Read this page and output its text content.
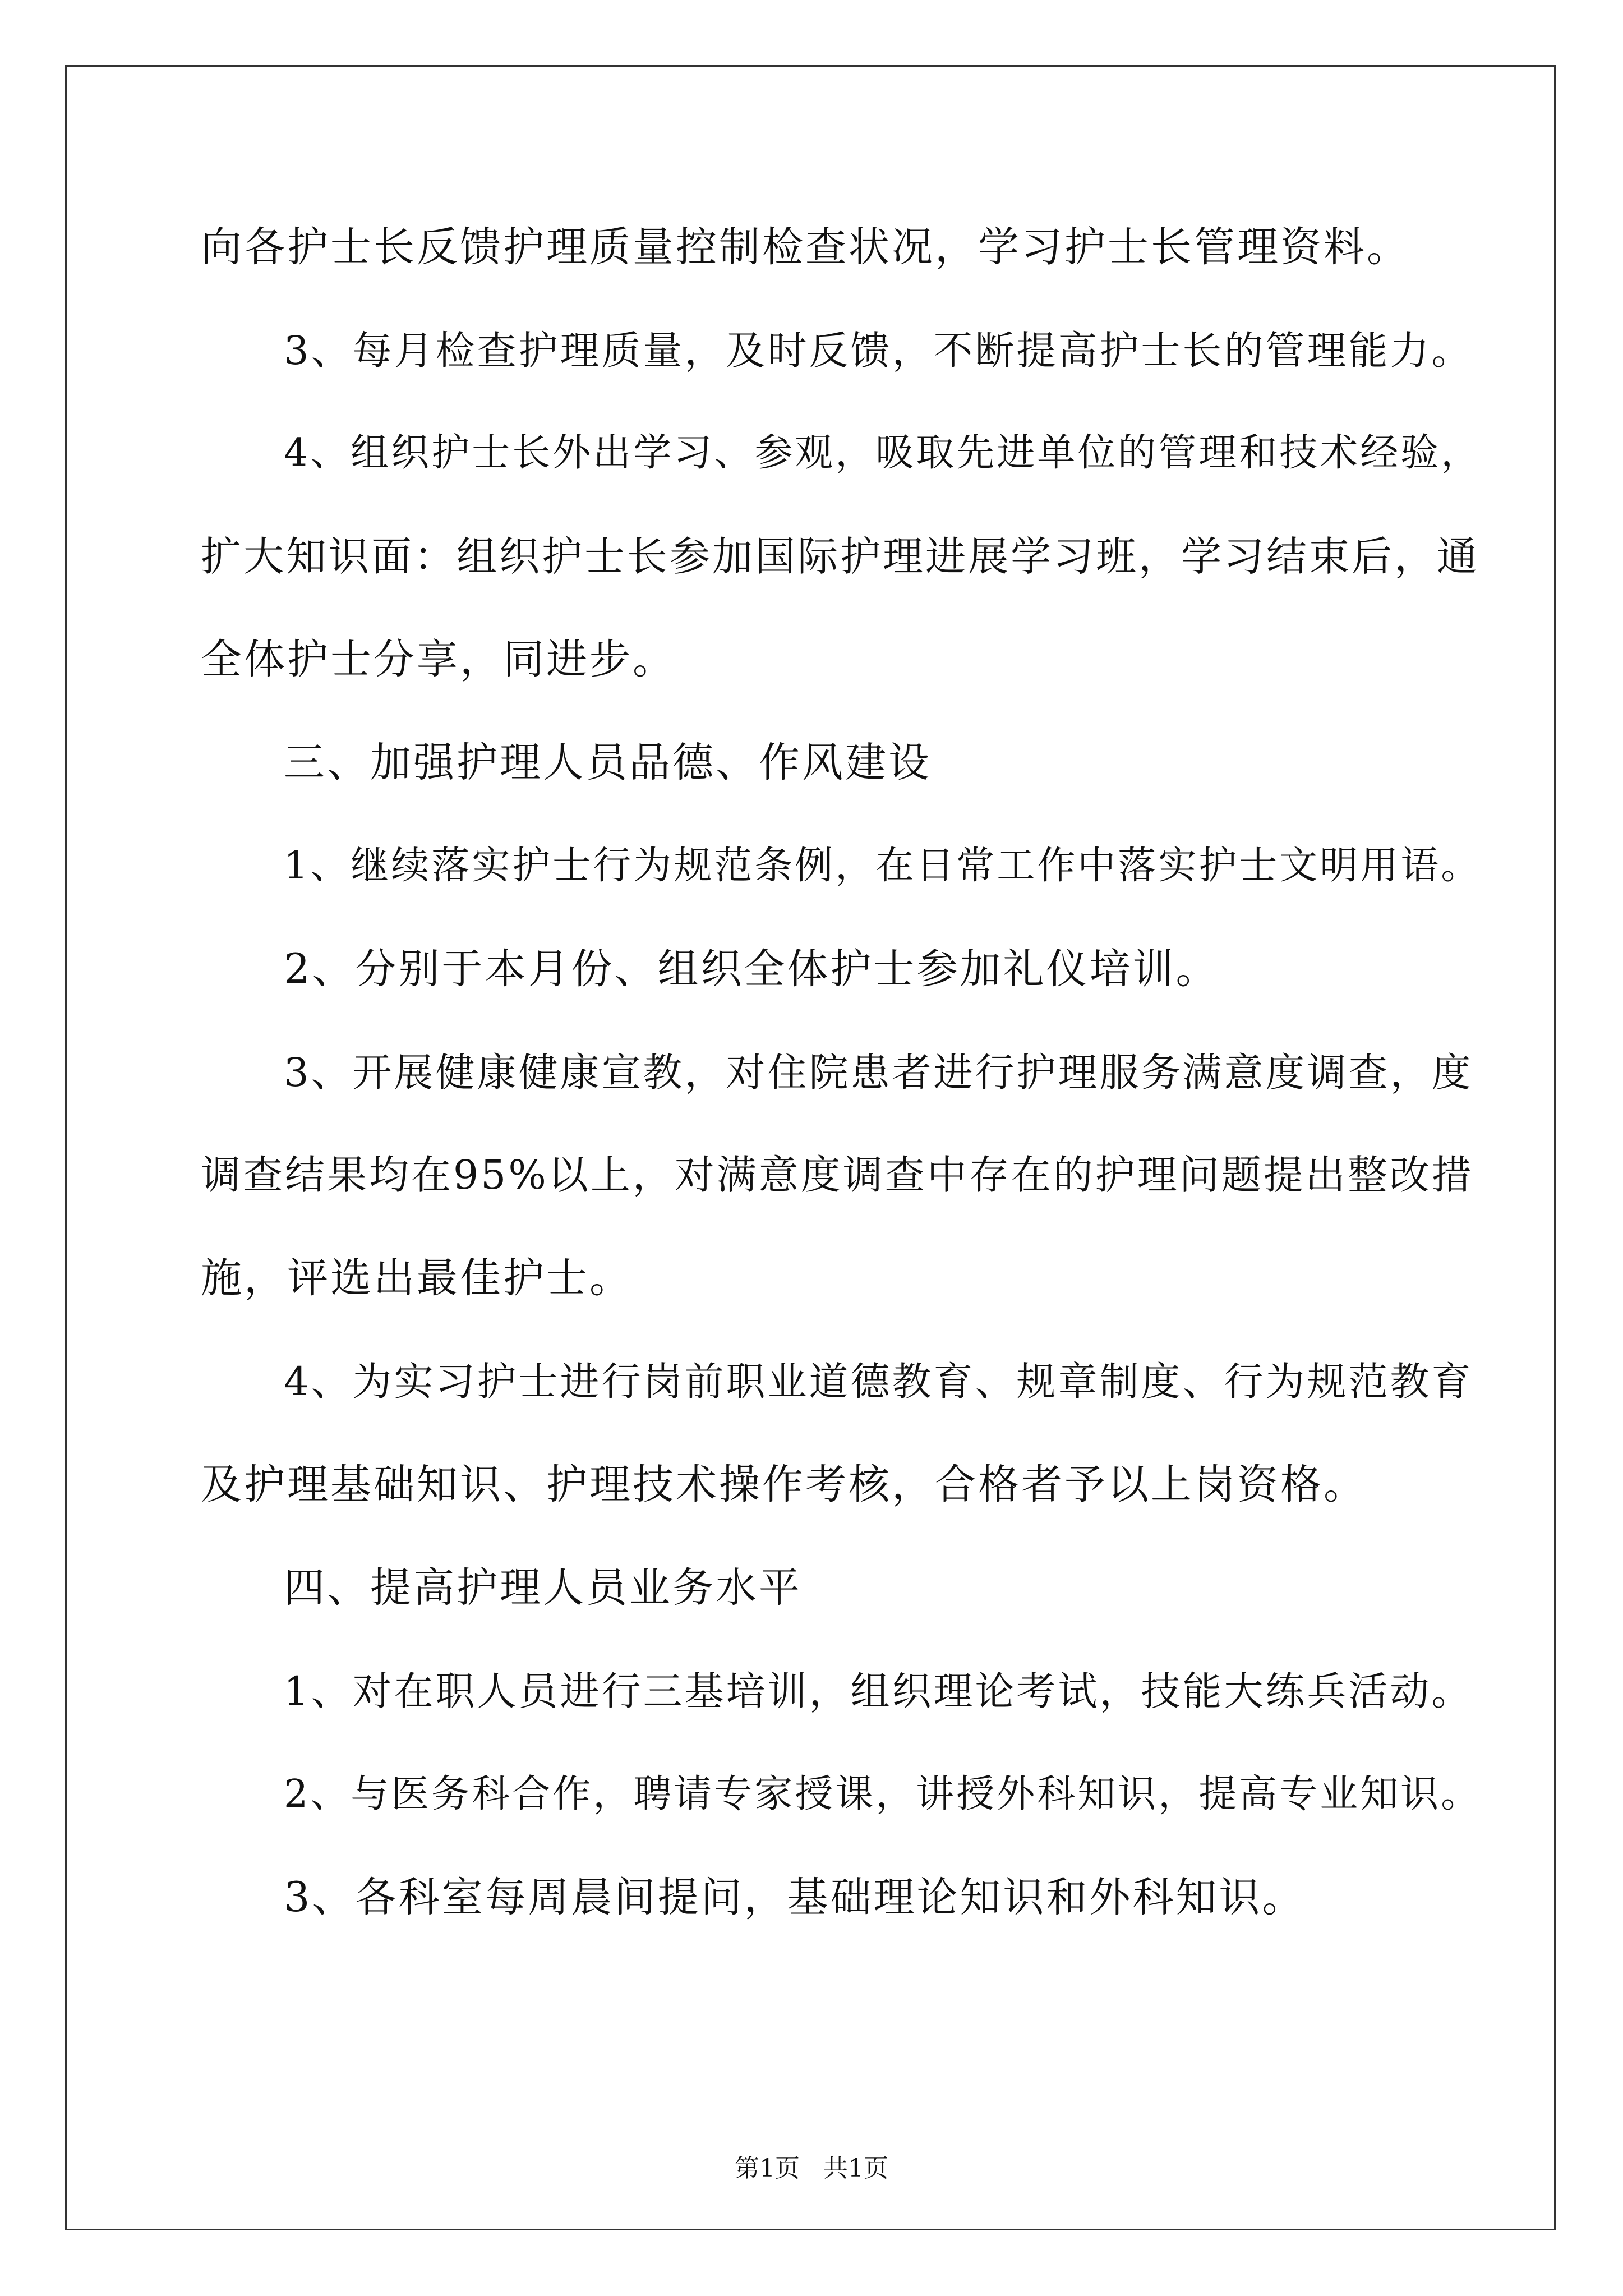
向各护士长反馈护理质量控制检查状况，学习护士长管理资料。
3、每月检查护理质量，及时反馈，不断提高护士长的管理能力。
4、组织护士长外出学习、参观，吸取先进单位的管理和技术经验，
扩大知识面：组织护士长参加国际护理进展学习班，学习结束后，通
全体护士分享，同进步。
三、加强护理人员品德、作风建设
1、继续落实护士行为规范条例，在日常工作中落实护士文明用语。
2、分别于本月份、组织全体护士参加礼仪培训。
3、开展健康健康宣教，对住院患者进行护理服务满意度调查，度
调查结果均在95%以上，对满意度调查中存在的护理问题提出整改措
施，评选出最佳护士。
4、为实习护士进行岗前职业道德教育、规章制度、行为规范教育
及护理基础知识、护理技术操作考核，合格者予以上岗资格。
四、提高护理人员业务水平
1、对在职人员进行三基培训，组织理论考试，技能大练兵活动。
2、与医务科合作，聘请专家授课，讲授外科知识，提高专业知识。
3、各科室每周晨间提问，基础理论知识和外科知识。
第1页   共1页
